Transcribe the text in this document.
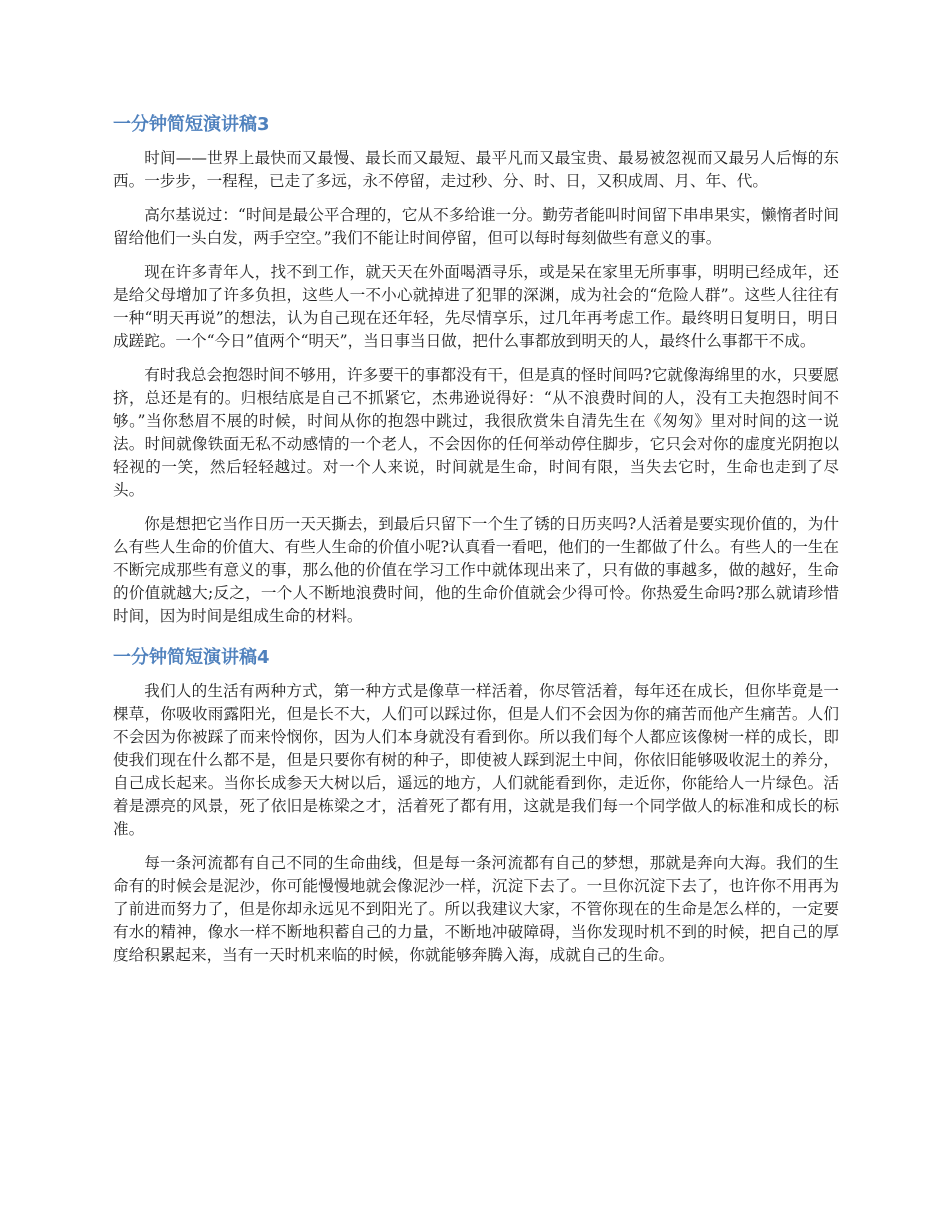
一分钟简短演讲稿3

时间——世界上最快而又最慢、最长而又最短、最平凡而又最宝贵、最易被忽视而又最另人后悔的东西。一步步，一程程，已走了多远，永不停留，走过秒、分、时、日，又积成周、月、年、代。

高尔基说过：“时间是最公平合理的，它从不多给谁一分。勤劳者能叫时间留下串串果实，懒惰者时间留给他们一头白发，两手空空。”我们不能让时间停留，但可以每时每刻做些有意义的事。

现在许多青年人，找不到工作，就天天在外面喝酒寻乐，或是呆在家里无所事事，明明已经成年，还是给父母增加了许多负担，这些人一不小心就掉进了犯罪的深渊，成为社会的“危险人群”。这些人往往有一种“明天再说”的想法，认为自己现在还年轻，先尽情享乐，过几年再考虑工作。最终明日复明日，明日成蹉跎。一个“今日”值两个“明天”，当日事当日做，把什么事都放到明天的人，最终什么事都干不成。

有时我总会抱怨时间不够用，许多要干的事都没有干，但是真的怪时间吗?它就像海绵里的水，只要愿挤，总还是有的。归根结底是自己不抓紧它，杰弗逊说得好：“从不浪费时间的人，没有工夫抱怨时间不够。”当你愁眉不展的时候，时间从你的抱怨中跳过，我很欣赏朱自清先生在《匆匆》里对时间的这一说法。时间就像铁面无私不动感情的一个老人，不会因你的任何举动停住脚步，它只会对你的虚度光阴抱以轻视的一笑，然后轻轻越过。对一个人来说，时间就是生命，时间有限，当失去它时，生命也走到了尽头。

你是想把它当作日历一天天撕去，到最后只留下一个生了锈的日历夹吗?人活着是要实现价值的，为什么有些人生命的价值大、有些人生命的价值小呢?认真看一看吧，他们的一生都做了什么。有些人的一生在不断完成那些有意义的事，那么他的价值在学习工作中就体现出来了，只有做的事越多，做的越好，生命的价值就越大;反之，一个人不断地浪费时间，他的生命价值就会少得可怜。你热爱生命吗?那么就请珍惜时间，因为时间是组成生命的材料。

一分钟简短演讲稿4

我们人的生活有两种方式，第一种方式是像草一样活着，你尽管活着，每年还在成长，但你毕竟是一棵草，你吸收雨露阳光，但是长不大，人们可以踩过你，但是人们不会因为你的痛苦而他产生痛苦。人们不会因为你被踩了而来怜悯你，因为人们本身就没有看到你。所以我们每个人都应该像树一样的成长，即使我们现在什么都不是，但是只要你有树的种子，即使被人踩到泥土中间，你依旧能够吸收泥土的养分，自己成长起来。当你长成参天大树以后，遥远的地方，人们就能看到你，走近你，你能给人一片绿色。活着是漂亮的风景，死了依旧是栋梁之才，活着死了都有用，这就是我们每一个同学做人的标准和成长的标准。

每一条河流都有自己不同的生命曲线，但是每一条河流都有自己的梦想，那就是奔向大海。我们的生命有的时候会是泥沙，你可能慢慢地就会像泥沙一样，沉淀下去了。一旦你沉淀下去了，也许你不用再为了前进而努力了，但是你却永远见不到阳光了。所以我建议大家，不管你现在的生命是怎么样的，一定要有水的精神，像水一样不断地积蓄自己的力量，不断地冲破障碍，当你发现时机不到的时候，把自己的厚度给积累起来，当有一天时机来临的时候，你就能够奔腾入海，成就自己的生命。
